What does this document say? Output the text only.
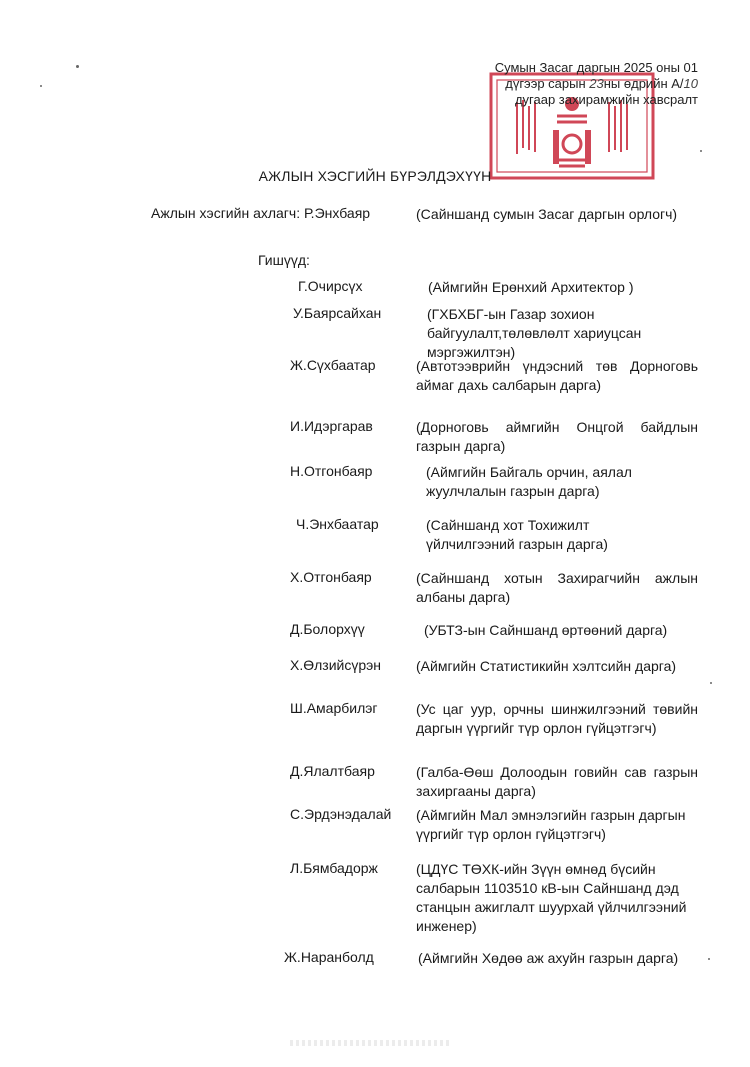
Сумын Засаг даргын 2025 оны 01
дүгээр сарын 23ны өдрийн А/10
дугаар захирамжийн хавсралт
АЖЛЫН ХЭСГИЙН БҮРЭЛДЭХҮҮН
Ажлын хэсгийн ахлагч: Р.Энхбаяр	(Сайншанд сумын Засаг даргын орлогч)
Гишүүд:
Г.Очирсүх	(Аймгийн Ерөнхий Архитектор )
У.Баярсайхан	(ГХБХБГ-ын Газар зохион байгуулалт,төлөвлөлт хариуцсан мэргэжилтэн)
Ж.Сүхбаатар	(Автотээврийн үндэсний төв Дорноговь аймаг дахь салбарын дарга)
И.Идэргарав	(Дорноговь аймгийн Онцгой байдлын газрын дарга)
Н.Отгонбаяр	(Аймгийн Байгаль орчин, аялал жуулчлалын газрын дарга)
Ч.Энхбаатар	(Сайншанд хот Тохижилт үйлчилгээний газрын дарга)
Х.Отгонбаяр	(Сайншанд хотын Захирагчийн ажлын албаны дарга)
Д.Болорхүү	(УБТЗ-ын Сайншанд өртөөний дарга)
Х.Өлзийсүрэн (Аймгийн Статистикийн хэлтсийн дарга)
Ш.Амарбилэг	(Ус цаг уур, орчны шинжилгээний төвийн даргын үүргийг түр орлон гүйцэтгэгч)
Д.Ялалтбаяр	(Галба-Өөш Долоодын говийн сав газрын захиргааны дарга)
С.Эрдэнэдалай (Аймгийн Мал эмнэлэгийн газрын даргын үүргийг түр орлон гүйцэтгэгч)
Л.Бямбадорж	(ЦДҮС ТӨХК-ийн Зүүн өмнөд бүсийн салбарын 1103510 кВ-ын Сайншанд дэд станцын ажиглалт шуурхай үйлчилгээний инженер)
Ж.Наранболд	(Аймгийн Хөдөө аж ахуйн газрын дарга)
